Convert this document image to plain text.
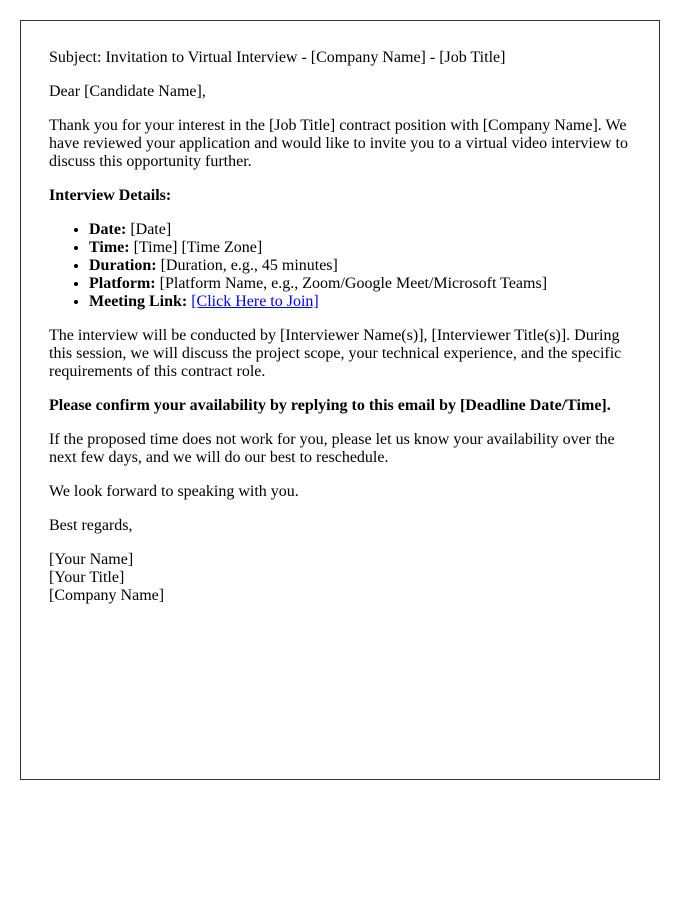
Subject: Invitation to Virtual Interview - [Company Name] - [Job Title]

Dear [Candidate Name],

Thank you for your interest in the [Job Title] contract position with [Company Name]. We have reviewed your application and would like to invite you to a virtual video interview to discuss this opportunity further.

Interview Details:

• Date: [Date]
• Time: [Time] [Time Zone]
• Duration: [Duration, e.g., 45 minutes]
• Platform: [Platform Name, e.g., Zoom/Google Meet/Microsoft Teams]
• Meeting Link: [Click Here to Join]

The interview will be conducted by [Interviewer Name(s)], [Interviewer Title(s)]. During this session, we will discuss the project scope, your technical experience, and the specific requirements of this contract role.

Please confirm your availability by replying to this email by [Deadline Date/Time].

If the proposed time does not work for you, please let us know your availability over the next few days, and we will do our best to reschedule.

We look forward to speaking with you.

Best regards,

[Your Name]
[Your Title]
[Company Name]
